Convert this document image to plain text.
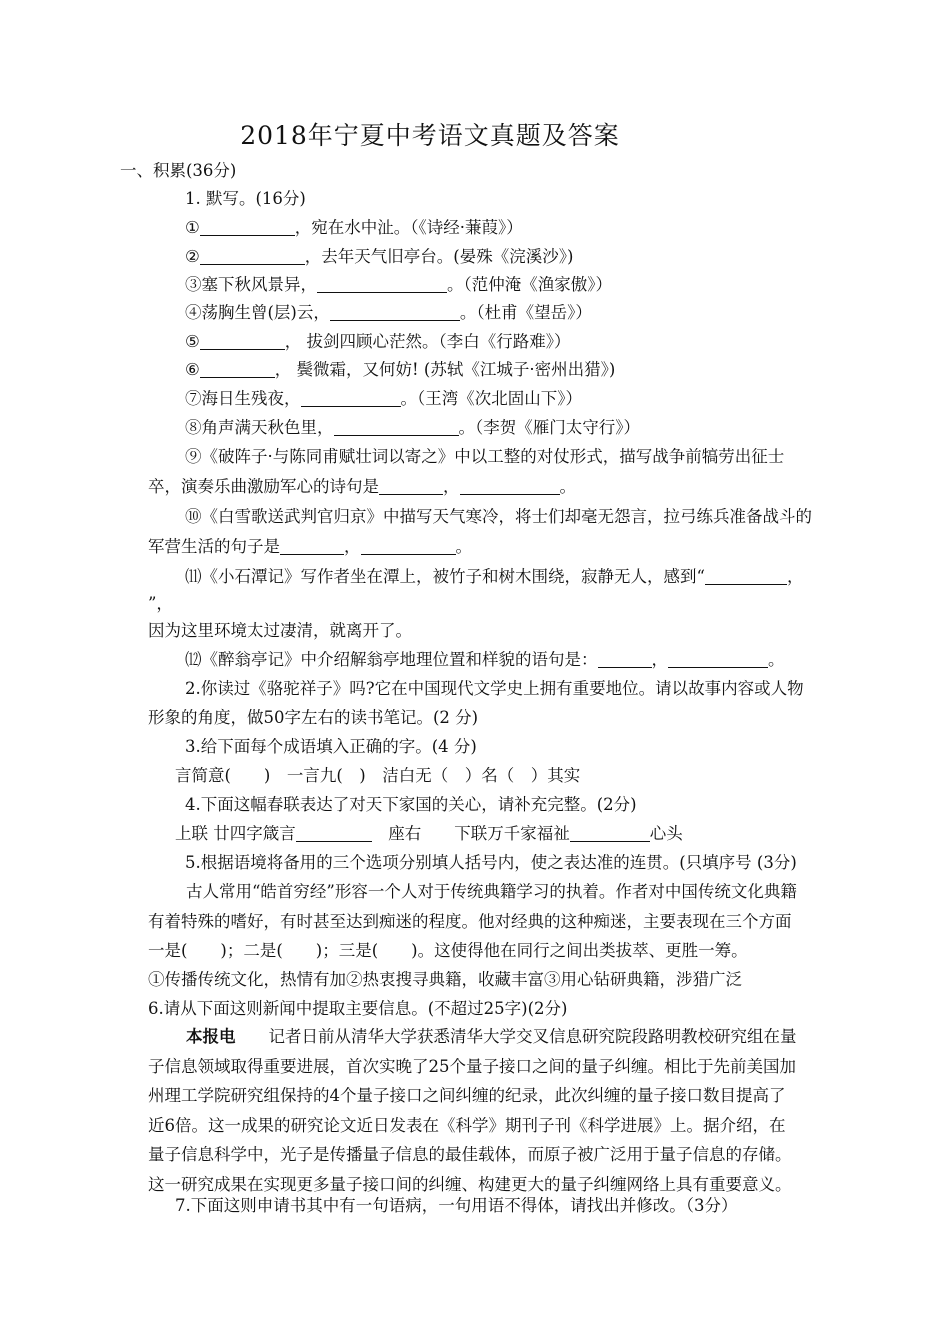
2018年宁夏中考语文真题及答案
一、积累(36分)
1. 默写。(16分)
①	，宛在水中沚。（《诗经·蒹葭》）
②	，去年天气旧亭台。(晏殊《浣溪沙》)
③塞下秋风景异，	。（范仲淹《渔家傲》）
④荡胸生曾(层)云，	。（杜甫《望岳》）
⑤	， 拔剑四顾心茫然。（李白《行路难》）
⑥	， 鬓微霜，又何妨! (苏轼《江城子·密州出猎》)
⑦海日生残夜，	。（王湾《次北固山下》）
⑧角声满天秋色里，	。（李贺《雁门太守行》）
⑨《破阵子·与陈同甫赋壮词以寄之》中以工整的对仗形式，描写战争前犒劳出征士
卒，演奏乐曲激励军心的诗句是	，	。
⑩《白雪歌送武判官归京》中描写天气寒冷，将士们却毫无怨言，拉弓练兵准备战斗的
军营生活的句子是	，	。
⑾《小石潭记》写作者坐在潭上，被竹子和树木围绕，寂静无人，感到“	，
”，
因为这里环境太过凄清，就离开了。
⑿《醉翁亭记》中介绍解翁亭地理位置和样貌的语句是：	，	。
2.你读过《骆驼祥子》吗?它在中国现代文学史上拥有重要地位。请以故事内容或人物
形象的角度，做50字左右的读书笔记。(2 分)
3.给下面每个成语填入正确的字。(4 分)
言简意(　　)　一言九(　)　洁白无（　）名（　）其实
4.下面这幅春联表达了对天下家国的关心，请补充完整。(2分)
上联 廿四字箴言　	座右　　下联万千家福祉	心头
5.根据语境将备用的三个选项分别填人括号内，使之表达准的连贯。(只填序号 (3分)
古人常用“皓首穷经”形容一个人对于传统典籍学习的执着。作者对中国传统文化典籍有着特殊的嗜好，有时甚至达到痴迷的程度。他对经典的这种痴迷，主要表现在三个方面一是(　　)；二是(　　)；三是(　　)。这使得他在同行之间出类拔萃、更胜一筹。
①传播传统文化，热情有加②热衷搜寻典籍，收藏丰富③用心钻研典籍，涉猎广泛
6.请从下面这则新闻中提取主要信息。(不超过25字)(2分)
本报电　　记者日前从清华大学获悉清华大学交叉信息研究院段路明教校研究组在量子信息领域取得重要进展，首次实晚了25个量子接口之间的量子纠缠。相比于先前美国加州理工学院研究组保持的4个量子接口之间纠缠的纪录，此次纠缠的量子接口数目提高了近6倍。这一成果的研究论文近日发表在《科学》期刊子刊《科学进展》上。据介绍，在量子信息科学中，光子是传播量子信息的最佳载体，而原子被广泛用于量子信息的存储。这一研究成果在实现更多量子接口间的纠缠、构建更大的量子纠缠网络上具有重要意义。
7.下面这则申请书其中有一句语病，一句用语不得体，请找出并修改。（3分）
